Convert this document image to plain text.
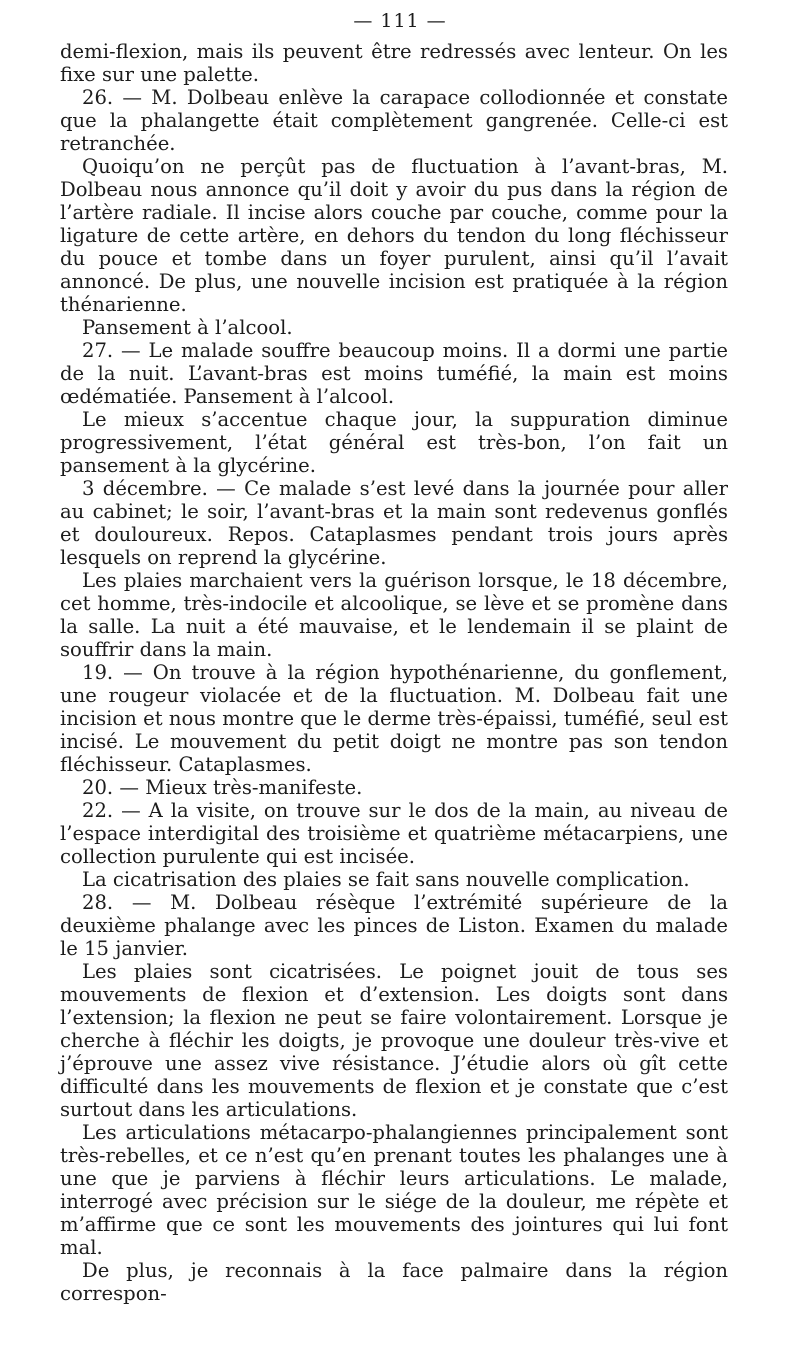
— 111 —

demi-flexion, mais ils peuvent être redressés avec lenteur. On les fixe sur une palette.

26. — M. Dolbeau enlève la carapace collodionnée et constate que la phalangette était complètement gangrenée. Celle-ci est retranchée.

Quoiqu’on ne perçût pas de fluctuation à l’avant-bras, M. Dolbeau nous annonce qu’il doit y avoir du pus dans la région de l’artère radiale. Il incise alors couche par couche, comme pour la ligature de cette artère, en dehors du tendon du long fléchisseur du pouce et tombe dans un foyer purulent, ainsi qu’il l’avait annoncé. De plus, une nouvelle incision est pratiquée à la région thénarienne.

Pansement à l’alcool.

27. — Le malade souffre beaucoup moins. Il a dormi une partie de la nuit. L’avant-bras est moins tuméfié, la main est moins œdématiée. Pansement à l’alcool.

Le mieux s’accentue chaque jour, la suppuration diminue progressivement, l’état général est très-bon, l’on fait un pansement à la glycérine.

3 décembre. — Ce malade s’est levé dans la journée pour aller au cabinet; le soir, l’avant-bras et la main sont redevenus gonflés et douloureux. Repos. Cataplasmes pendant trois jours après lesquels on reprend la glycérine.

Les plaies marchaient vers la guérison lorsque, le 18 décembre, cet homme, très-indocile et alcoolique, se lève et se promène dans la salle. La nuit a été mauvaise, et le lendemain il se plaint de souffrir dans la main.

19. — On trouve à la région hypothénarienne, du gonflement, une rougeur violacée et de la fluctuation. M. Dolbeau fait une incision et nous montre que le derme très-épaissi, tuméfié, seul est incisé. Le mouvement du petit doigt ne montre pas son tendon fléchisseur. Cataplasmes.

20. — Mieux très-manifeste.

22. — A la visite, on trouve sur le dos de la main, au niveau de l’espace interdigital des troisième et quatrième métacarpiens, une collection purulente qui est incisée.

La cicatrisation des plaies se fait sans nouvelle complication.

28. — M. Dolbeau résèque l’extrémité supérieure de la deuxième phalange avec les pinces de Liston. Examen du malade le 15 janvier.

Les plaies sont cicatrisées. Le poignet jouit de tous ses mouvements de flexion et d’extension. Les doigts sont dans l’extension; la flexion ne peut se faire volontairement. Lorsque je cherche à fléchir les doigts, je provoque une douleur très-vive et j’éprouve une assez vive résistance. J’étudie alors où gît cette difficulté dans les mouvements de flexion et je constate que c’est surtout dans les articulations.

Les articulations métacarpo-phalangiennes principalement sont très-rebelles, et ce n’est qu’en prenant toutes les phalanges une à une que je parviens à fléchir leurs articulations. Le malade, interrogé avec précision sur le siége de la douleur, me répète et m’affirme que ce sont les mouvements des jointures qui lui font mal.

De plus, je reconnais à la face palmaire dans la région correspon-
